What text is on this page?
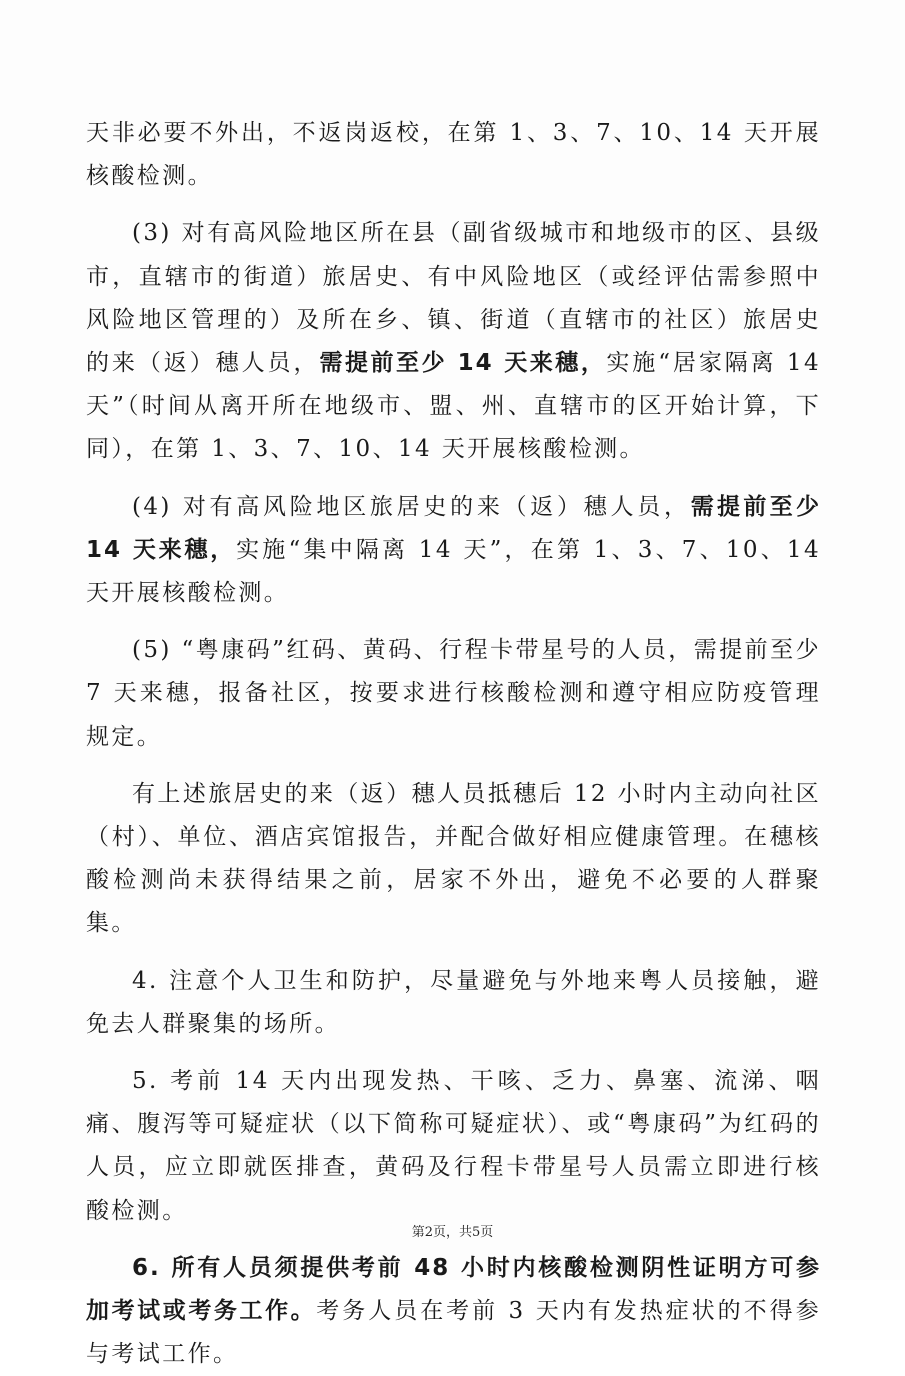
天非必要不外出，不返岗返校，在第 1、3、7、10、14 天开展核酸检测。

(3) 对有高风险地区所在县（副省级城市和地级市的区、县级市，直辖市的街道）旅居史、有中风险地区（或经评估需参照中风险地区管理的）及所在乡、镇、街道（直辖市的社区）旅居史的来（返）穗人员，需提前至少 14 天来穗，实施“居家隔离 14 天”（时间从离开所在地级市、盟、州、直辖市的区开始计算，下同），在第 1、3、7、10、14 天开展核酸检测。

(4) 对有高风险地区旅居史的来（返）穗人员，需提前至少 14 天来穗，实施“集中隔离 14 天”，在第 1、3、7、10、14 天开展核酸检测。

(5) “粤康码”红码、黄码、行程卡带星号的人员，需提前至少 7 天来穗，报备社区，按要求进行核酸检测和遵守相应防疫管理规定。

有上述旅居史的来（返）穗人员抵穗后 12 小时内主动向社区（村）、单位、酒店宾馆报告，并配合做好相应健康管理。在穗核酸检测尚未获得结果之前，居家不外出，避免不必要的人群聚集。

4. 注意个人卫生和防护，尽量避免与外地来粤人员接触，避免去人群聚集的场所。

5. 考前 14 天内出现发热、干咳、乏力、鼻塞、流涕、咽痛、腹泻等可疑症状（以下简称可疑症状）、或“粤康码”为红码的人员，应立即就医排查，黄码及行程卡带星号人员需立即进行核酸检测。

6. 所有人员须提供考前 48 小时内核酸检测阴性证明方可参加考试或考务工作。考务人员在考前 3 天内有发热症状的不得参与考试工作。

第2页，共5页
